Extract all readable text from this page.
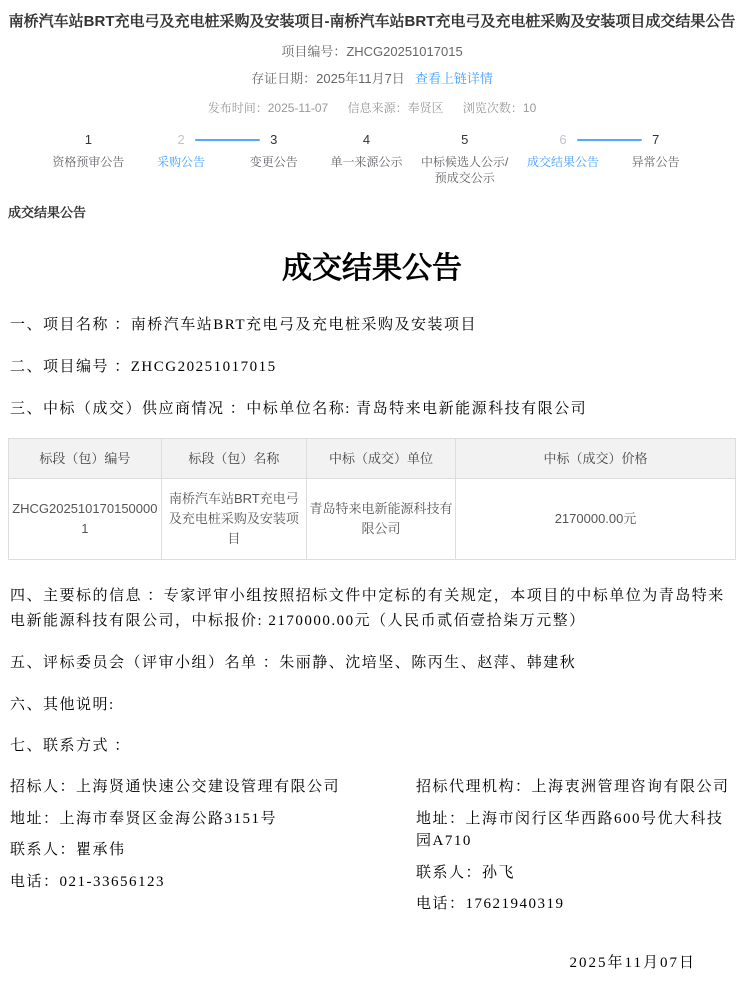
南桥汽车站BRT充电弓及充电桩采购及安装项目-南桥汽车站BRT充电弓及充电桩采购及安装项目成交结果公告
项目编号：ZHCG20251017015
存证日期：2025年11月7日 查看上链详情
发布时间：2025-11-07 信息来源：奉贤区 浏览次数：10
1
资格预审公告
2
采购公告
3
变更公告
4
单一来源公示
5
中标候选人公示/预成交公示
6
成交结果公告
7
异常公告
成交结果公告
成交结果公告

一、项目名称 ：南桥汽车站BRT充电弓及充电桩采购及安装项目

二、项目编号 ：ZHCG20251017015

三、中标（成交）供应商情况 ：中标单位名称: 青岛特来电新能源科技有限公司

标段（包）编号	标段（包）名称	中标（成交）单位	中标（成交）价格
ZHCG2025101701500001	南桥汽车站BRT充电弓及充电桩采购及安装项目	青岛特来电新能源科技有限公司	2170000.00元

四、主要标的信息 ：专家评审小组按照招标文件中定标的有关规定，本项目的中标单位为青岛特来电新能源科技有限公司，中标报价: 2170000.00元（人民币贰佰壹拾柒万元整）

五、评标委员会（评审小组）名单 ：朱丽静、沈培坚、陈丙生、赵萍、韩建秋

六、其他说明:

七、联系方式 ：

招标人：上海贤通快速公交建设管理有限公司
地址：上海市奉贤区金海公路3151号
联系人：瞿承伟
电话：021-33656123
招标代理机构：上海衷洲管理咨询有限公司
地址：上海市闵行区华西路600号优大科技园A710
联系人：孙飞
电话：17621940319
2025年11月07日
